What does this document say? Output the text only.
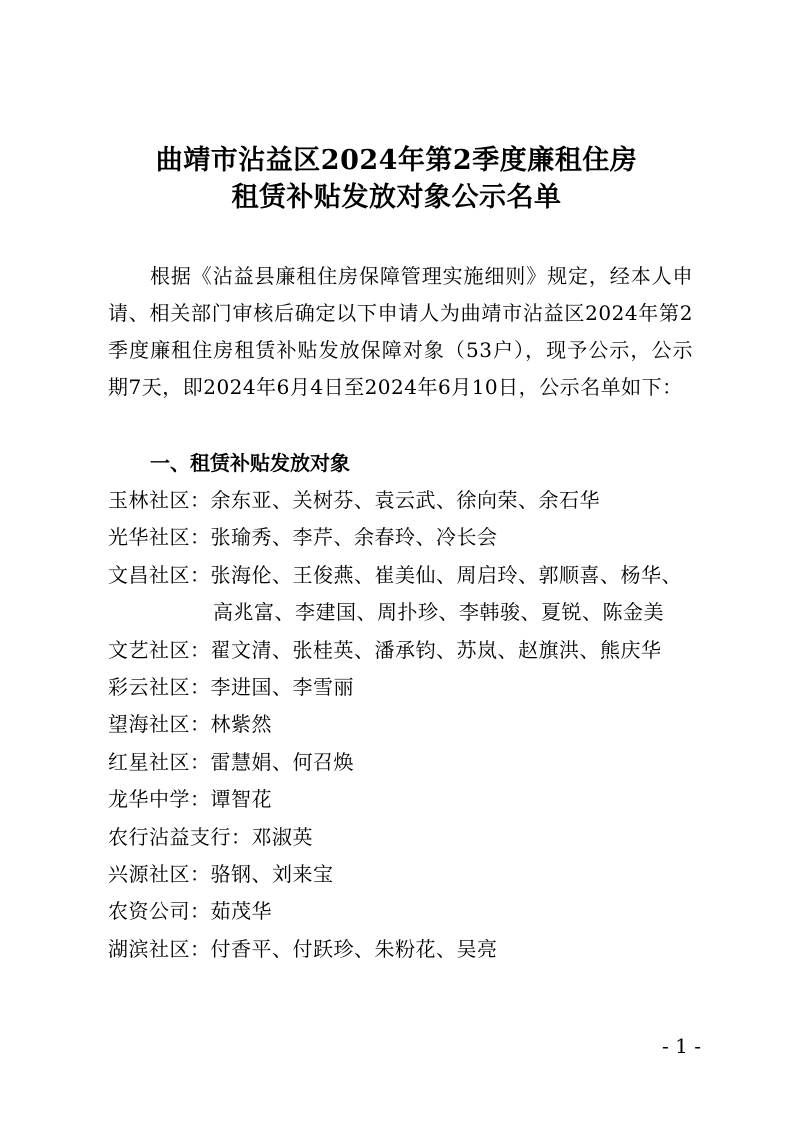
曲靖市沾益区2024年第2季度廉租住房
租赁补贴发放对象公示名单

根据《沾益县廉租住房保障管理实施细则》规定，经本人申请、相关部门审核后确定以下申请人为曲靖市沾益区2024年第2季度廉租住房租赁补贴发放保障对象（53户），现予公示，公示期7天，即2024年6月4日至2024年6月10日，公示名单如下：

一、租赁补贴发放对象
玉林社区： 余东亚、关树芬、袁云武、徐向荣、余石华
光华社区： 张瑜秀、李芹、余春玲、冷长会
文昌社区： 张海伦、王俊燕、崔美仙、周启玲、郭顺喜、杨华、
高兆富、李建国、周扑珍、李韩骏、夏锐、陈金美
文艺社区： 翟文清、张桂英、潘承钧、苏岚、赵旗洪、熊庆华
彩云社区： 李进国、李雪丽
望海社区： 林紫然
红星社区： 雷慧娟、何召焕
龙华中学： 谭智花
农行沾益支行： 邓淑英
兴源社区： 骆钢、刘来宝
农资公司： 茹茂华
湖滨社区： 付香平、付跃珍、朱粉花、吴亮
- 1 -
